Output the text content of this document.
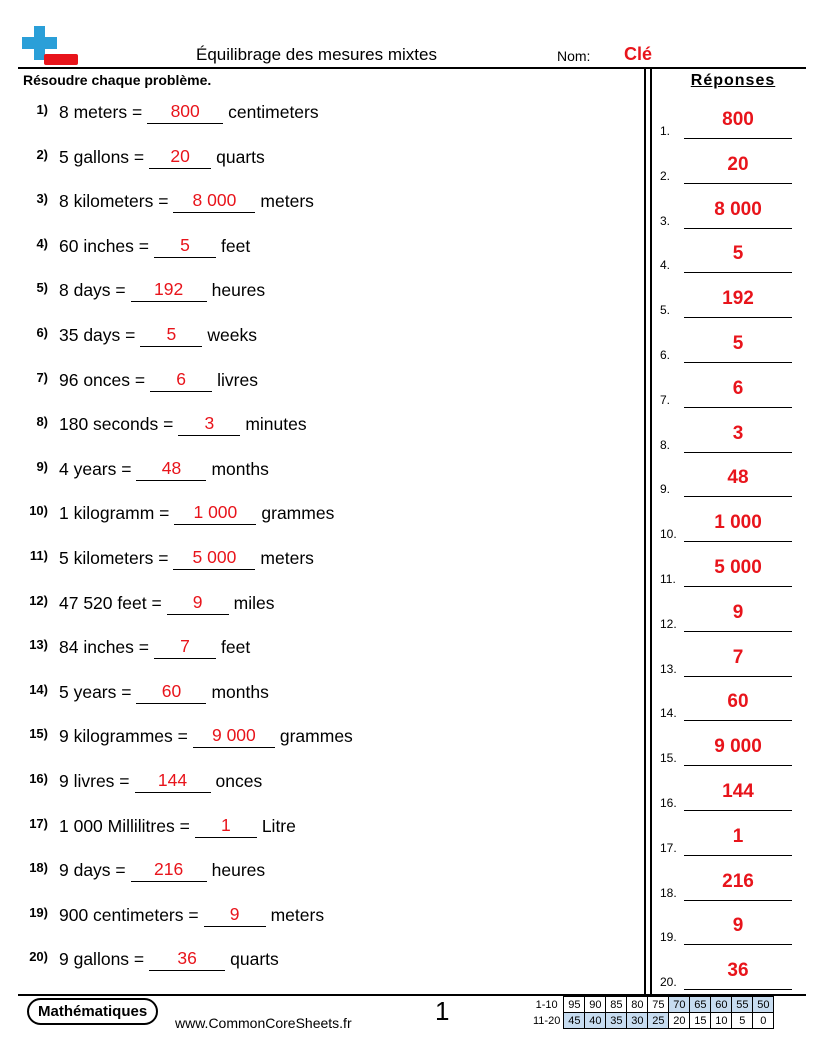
Équilibrage des mesures mixtes	Nom: Clé
Résoudre chaque problème.	Réponses
1) 8 meters =	800	centimeters
2) 5 gallons =	20	quarts
3) 8 kilometers =	8 000	meters
4) 60 inches =	5	feet
5) 8 days =	192	heures
6) 35 days =	5	weeks
7) 96 onces =	6	livres
8) 180 seconds =	3	minutes
9) 4 years =	48	months
10) 1 kilogramm =	1 000	grammes
11) 5 kilometers =	5 000	meters
12) 47 520 feet =	9	miles
13) 84 inches =	7	feet
14) 5 years =	60	months
15) 9 kilogrammes =	9 000	grammes
16) 9 livres =	144	onces
17) 1 000 Millilitres =	1	Litre
18) 9 days =	216	heures
19) 900 centimeters =	9	meters
20) 9 gallons =	36	quarts
1.
800
2.
20
3.
8 000
4.
5
5.
192
6.
5
7.
6
8.
3
9.
48
10.
1 000
11.
5 000
12.
9
13.
7
14.
60
15.
9 000
16.
144
17.
1
18.
216
19.
9
20.
36
Mathématiques
www.CommonCoreSheets.fr	1	1-10	95	90	85	80	75	70	65	60	55	50
11-20	45	40	35	30	25	20	15	10	5	0
